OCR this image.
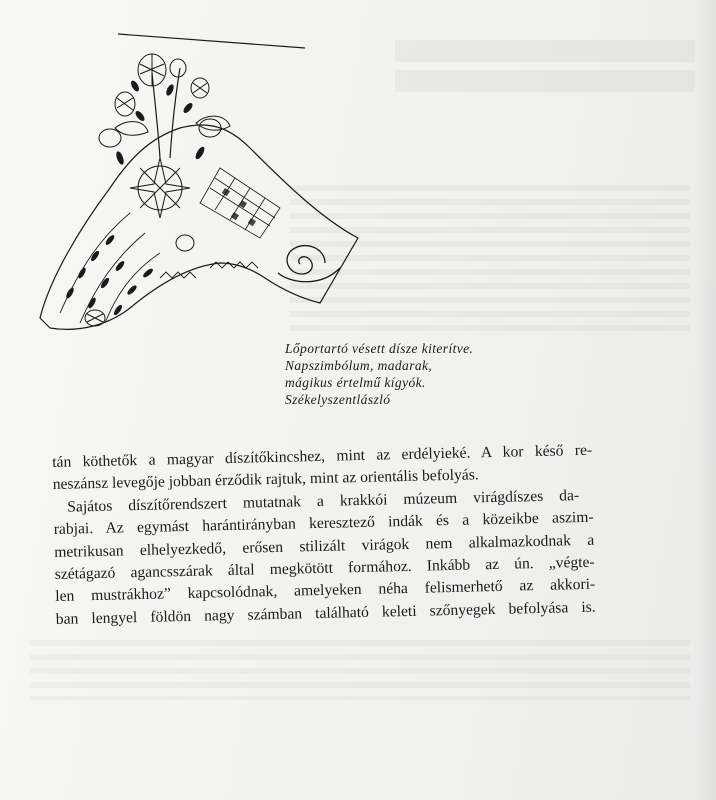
Lőportartó vésett dísze kiterítve.
Napszimbólum, madarak,
mágikus értelmű kígyók.
Székelyszentlászló
tán köthetők a magyar díszítőkincshez, mint az erdélyieké. A kor késő re-
neszánsz levegője jobban érződik rajtuk, mint az orientális befolyás.
Sajátos díszítőrendszert mutatnak a krakkói múzeum virágdíszes da-
rabjai. Az egymást harántirányban keresztező indák és a közeikbe aszim-
metrikusan elhelyezkedő, erősen stilizált virágok nem alkalmazkodnak a
szétágazó agancsszárak által megkötött formához. Inkább az ún. „végte-
len mustrákhoz” kapcsolódnak, amelyeken néha felismerhető az akkori-
ban lengyel földön nagy számban található keleti szőnyegek befolyása is.
